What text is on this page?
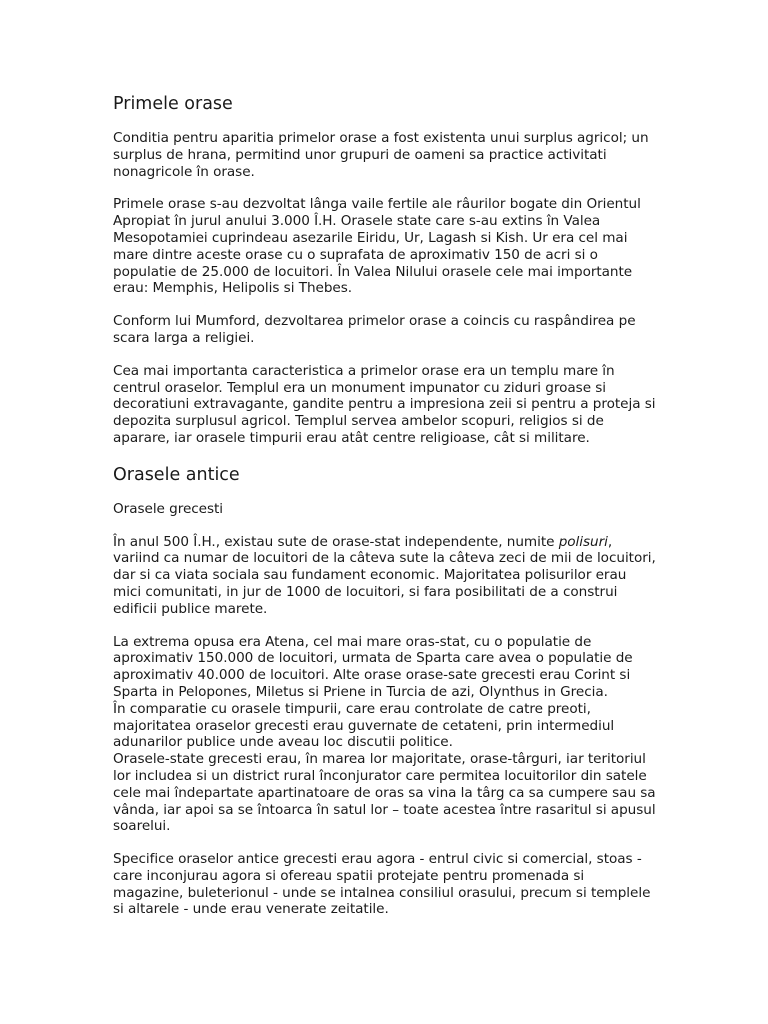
Primele orase

Conditia pentru aparitia primelor orase a fost existenta unui surplus agricol; un surplus de hrana, permitind unor grupuri de oameni sa practice activitati nonagricole în orase.

Primele orase s-au dezvoltat lânga vaile fertile ale râurilor bogate din Orientul Apropiat în jurul anului 3.000 Î.H. Orasele state care s-au extins în Valea Mesopotamiei cuprindeau asezarile Eiridu, Ur, Lagash si Kish. Ur era cel mai mare dintre aceste orase cu o suprafata de aproximativ 150 de acri si o populatie de 25.000 de locuitori. În Valea Nilului orasele cele mai importante erau: Memphis, Helipolis si Thebes.

Conform lui Mumford, dezvoltarea primelor orase a coincis cu raspândirea pe scara larga a religiei.

Cea mai importanta caracteristica a primelor orase era un templu mare în centrul oraselor. Templul era un monument impunator cu ziduri groase si decoratiuni extravagante, gandite pentru a impresiona zeii si pentru a proteja si depozita surplusul agricol. Templul servea ambelor scopuri, religios si de aparare, iar orasele timpurii erau atât centre religioase, cât si militare.

Orasele antice

Orasele grecesti

În anul 500 Î.H., existau sute de orase-stat independente, numite polisuri, variind ca numar de locuitori de la câteva sute la câteva zeci de mii de locuitori, dar si ca viata sociala sau fundament economic. Majoritatea polisurilor erau mici comunitati, in jur de 1000 de locuitori, si fara posibilitati de a construi edificii publice marete.

La extrema opusa era Atena, cel mai mare oras-stat, cu o populatie de aproximativ 150.000 de locuitori, urmata de Sparta care avea o populatie de aproximativ 40.000 de locuitori. Alte orase orase-sate grecesti erau Corint si Sparta in Pelopones, Miletus si Priene in Turcia de azi, Olynthus in Grecia.
În comparatie cu orasele timpurii, care erau controlate de catre preoti, majoritatea oraselor grecesti erau guvernate de cetateni, prin intermediul adunarilor publice unde aveau loc discutii politice.
Orasele-state grecesti erau, în marea lor majoritate, orase-târguri, iar teritoriul lor includea si un district rural înconjurator care permitea locuitorilor din satele cele mai îndepartate apartinatoare de oras sa vina la târg ca sa cumpere sau sa vânda, iar apoi sa se întoarca în satul lor – toate acestea între rasaritul si apusul soarelui.

Specifice oraselor antice grecesti erau agora - entrul civic si comercial, stoas - care inconjurau agora si ofereau spatii protejate pentru promenada si magazine, buleterionul - unde se intalnea consiliul orasului, precum si templele si altarele - unde erau venerate zeitatile.
